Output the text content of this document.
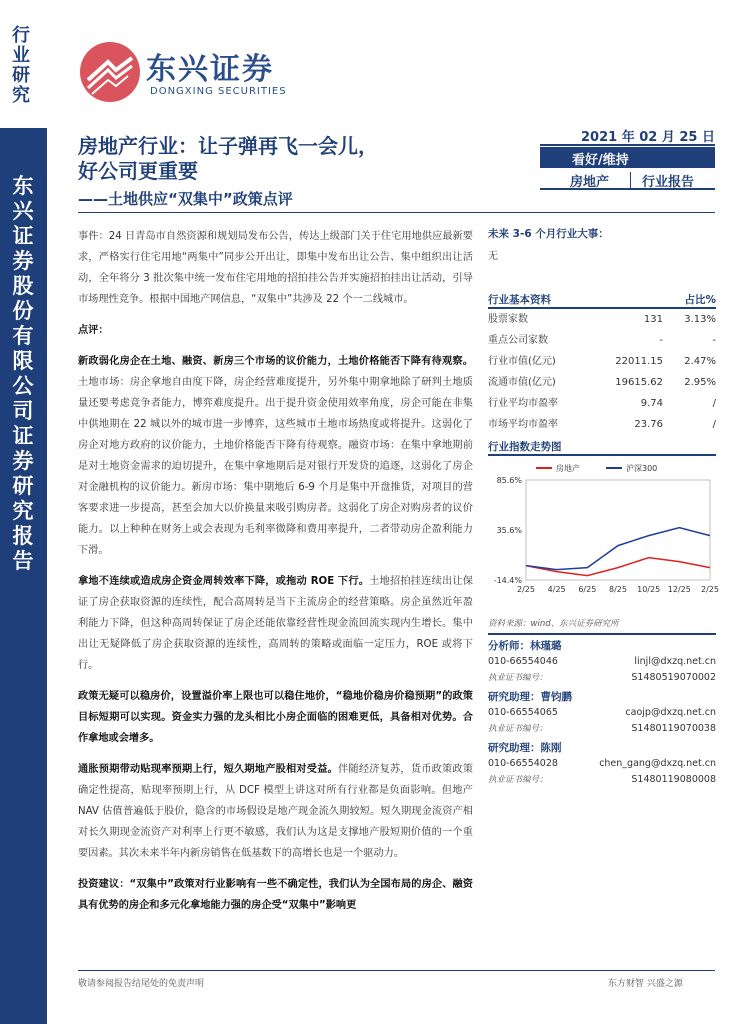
行业研究
东兴证券股份有限公司证券研究报告
东兴证券
DONGXING SECURITIES
房地产行业：让子弹再飞一会儿，
好公司更重要
——土地供应“双集中”政策点评
2021 年 02 月 25 日
看好/维持
房地产	行业报告

事件：24 日青岛市自然资源和规划局发布公告，传达上级部门关于住宅用地供应最新要求，严格实行住宅用地“两集中”同步公开出让，即集中发布出让公告、集中组织出让活动，全年将分 3 批次集中统一发布住宅用地的招拍挂公告并实施招拍挂出让活动，引导市场理性竞争。根据中国地产网信息，“双集中”共涉及 22 个一二线城市。

点评：

新政弱化房企在土地、融资、新房三个市场的议价能力，土地价格能否下降有待观察。土地市场：房企拿地自由度下降，房企经营难度提升，另外集中期拿地除了研判土地质量还要考虑竞争者能力，博弈难度提升。出于提升资金使用效率角度，房企可能在非集中供地期在 22 城以外的城市进一步博弈，这些城市土地市场热度或将提升。这弱化了房企对地方政府的议价能力，土地价格能否下降有待观察。融资市场：在集中拿地期前是对土地资金需求的迫切提升，在集中拿地期后是对银行开发贷的追逐，这弱化了房企对金融机构的议价能力。新房市场：集中期地后 6-9 个月是集中开盘推货，对项目的营客要求进一步提高，甚至会加大以价换量来吸引购房者。这弱化了房企对购房者的议价能力。以上种种在财务上或会表现为毛利率微降和费用率提升，二者带动房企盈利能力下滑。

拿地不连续或造成房企资金周转效率下降，或拖动 ROE 下行。土地招拍挂连续出让保证了房企获取资源的连续性，配合高周转是当下主流房企的经营策略。房企虽然近年盈利能力下降，但这种高周转保证了房企还能依靠经营性现金流回流实现内生增长。集中出让无疑降低了房企获取资源的连续性，高周转的策略或面临一定压力，ROE 或将下行。

政策无疑可以稳房价，设置溢价率上限也可以稳住地价，“稳地价稳房价稳预期”的政策目标短期可以实现。资金实力强的龙头相比小房企面临的困难更低，具备相对优势。合作拿地或会增多。

通胀预期带动贴现率预期上行，短久期地产股相对受益。伴随经济复苏，货币政策政策确定性提高，贴现率预期上行，从 DCF 模型上讲这对所有行业都是负面影响。但地产 NAV 估值普遍低于股价，隐含的市场假设是地产现金流久期较短。短久期现金流资产相对长久期现金流资产对利率上行更不敏感，我们认为这是支撑地产股短期价值的一个重要因素。其次未来半年内新房销售在低基数下的高增长也是一个驱动力。

投资建议：“双集中”政策对行业影响有一些不确定性，我们认为全国布局的房企、融资具有优势的房企和多元化拿地能力强的房企受“双集中”影响更

未来 3-6 个月行业大事：
无
行业基本资料	占比%
股票家数	131	3.13%
重点公司家数	-	-
行业市值(亿元)	22011.15	2.47%
流通市值(亿元)	19615.62	2.95%
行业平均市盈率	9.74	/
市场平均市盈率	23.76	/
行业指数走势图
85.6%
35.6%
-14.4%
2/25 4/25 6/25 8/25 10/25 12/25 2/25
房地产	沪深300
资料来源：wind、东兴证券研究所
分析师：林瑾璐
010-66554046	linjl@dxzq.net.cn
执业证书编号：	S1480519070002
研究助理：曹钧鹏
010-66554065	caojp@dxzq.net.cn
执业证书编号：	S1480119070038
研究助理：陈刚
010-66554028	chen_gang@dxzq.net.cn
执业证书编号：	S1480119080008
敬请参阅报告结尾处的免责声明	东方财智 兴盛之源
